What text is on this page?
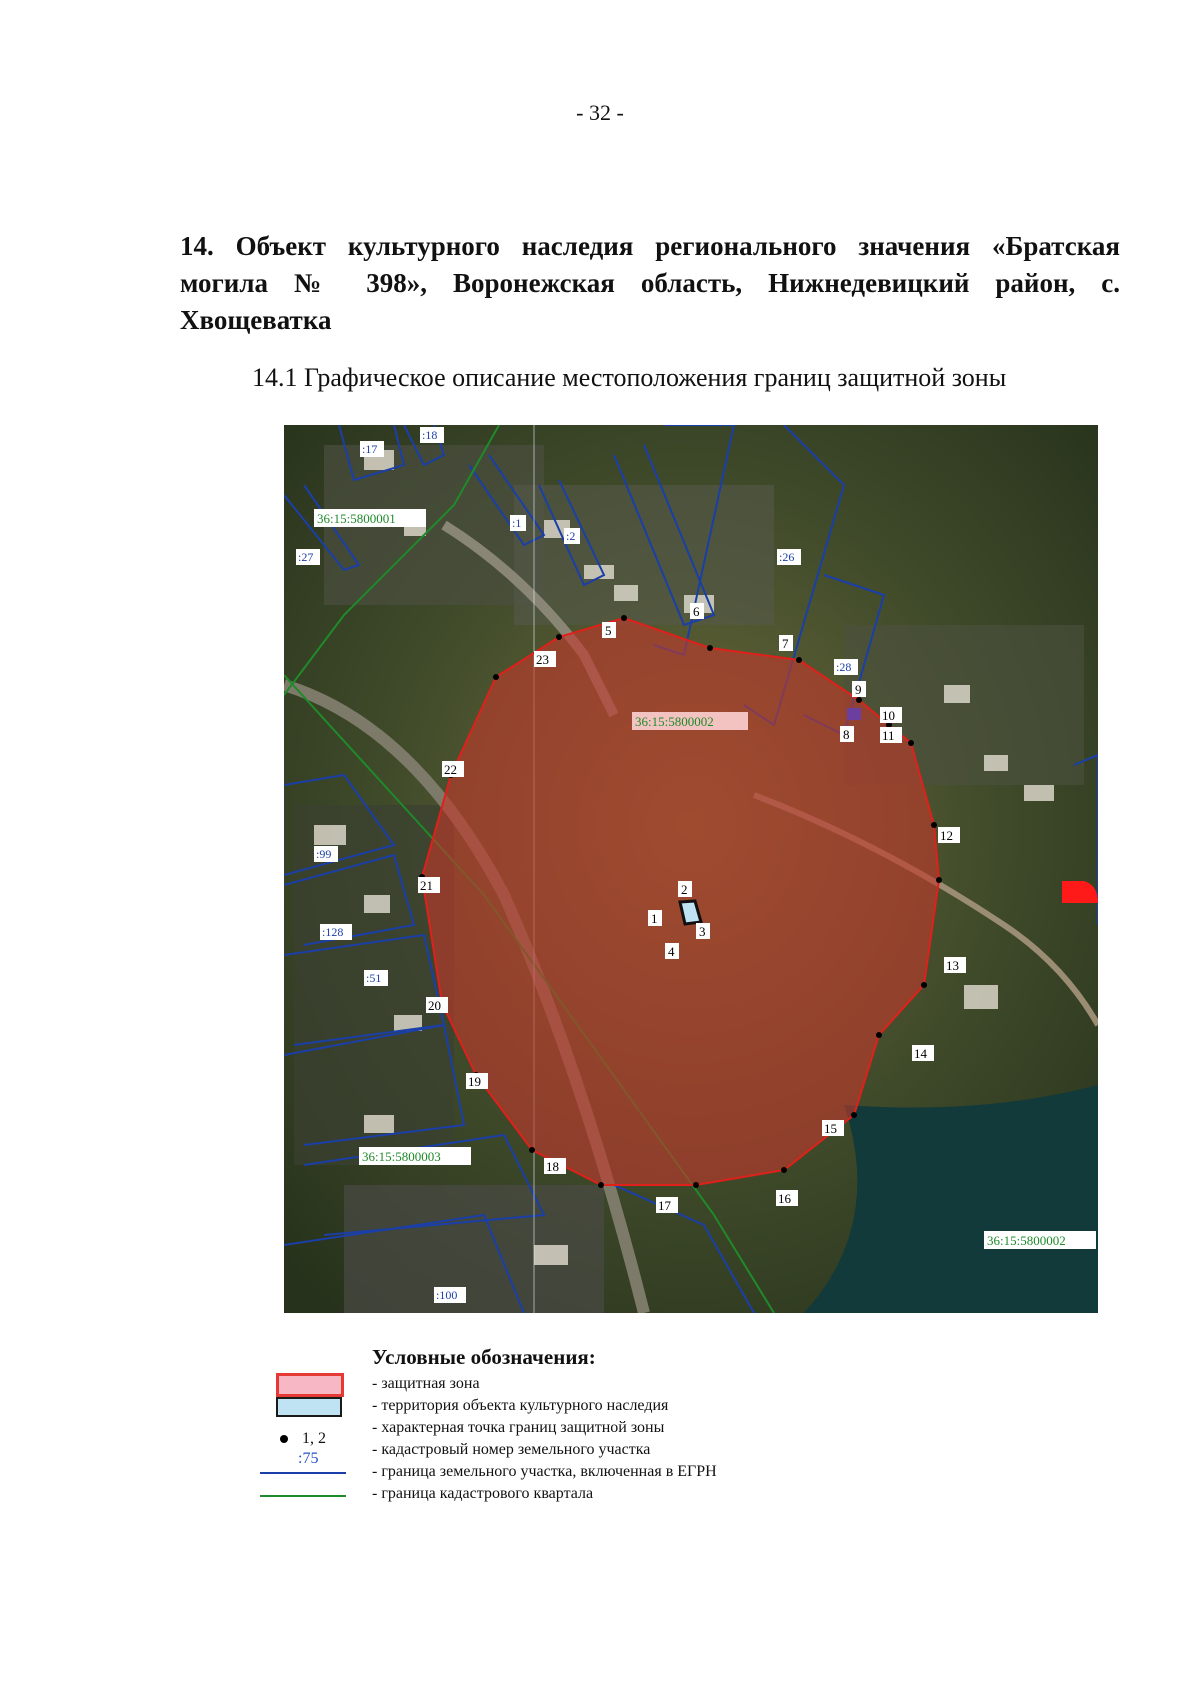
- 32 -
14. Объект культурного наследия регионального значения «Братская могила № 398», Воронежская область, Нижнедевицкий район, с. Хвощеватка
14.1 Графическое описание местоположения границ защитной зоны
36:15:5800001
36:15:5800002
36:15:5800003
36:15:5800002
:17
:18
:27
:1
:2
:26
:28
:99
:128
:51
:100
1
2
3
4
5
6
7
8
9
10
11
12
13
14
15
16
17
18
19
20
21
22
23
Условные обозначения:
- защитная зона
- территория объекта культурного наследия
1, 2
- характерная точка границ защитной зоны
:75
- кадастровый номер земельного участка
- граница земельного участка, включенная в ЕГРН
- граница кадастрового квартала
